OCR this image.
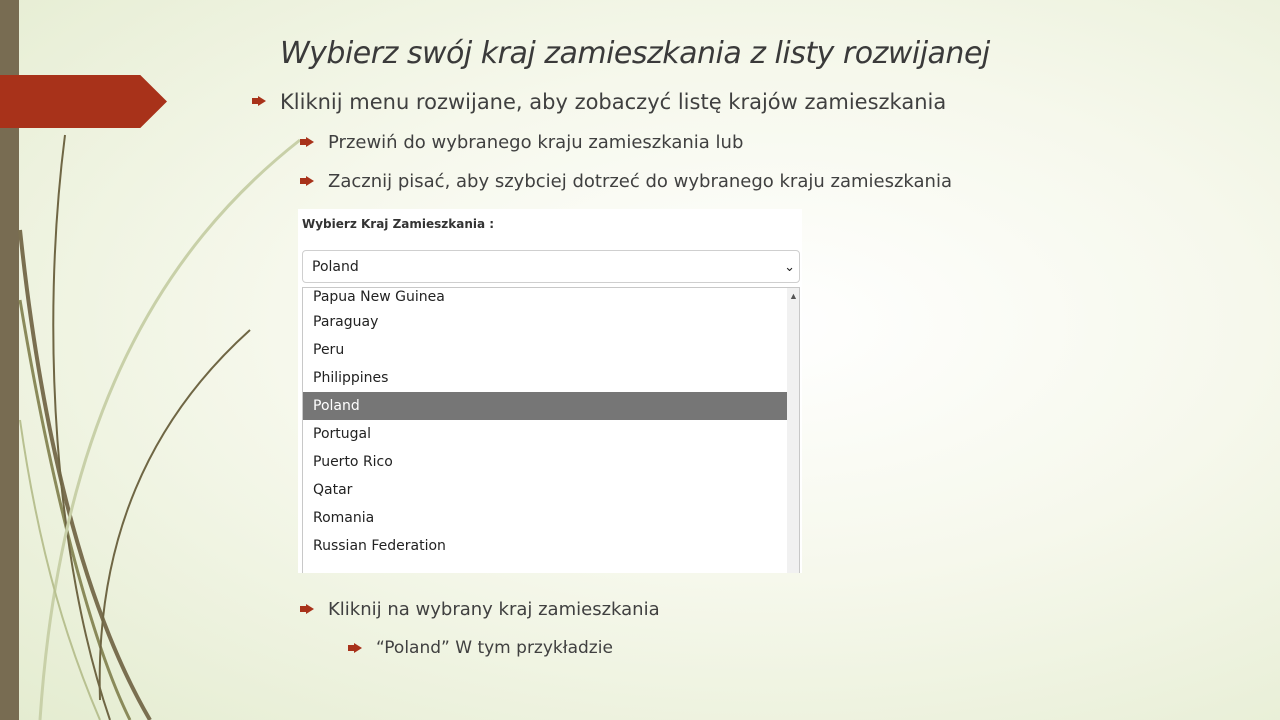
Wybierz swój kraj zamieszkania z listy rozwijanej
Kliknij menu rozwijane, aby zobaczyć listę krajów zamieszkania
Przewiń do wybranego kraju zamieszkania lub
Zacznij pisać, aby szybciej dotrzeć do wybranego kraju zamieszkania
Wybierz Kraj Zamieszkania :
Poland	⌄
Papua New Guinea
Paraguay
Peru
Philippines
Poland
Portugal
Puerto Rico
Qatar
Romania
Russian Federation
▲
Kliknij na wybrany kraj zamieszkania
“Poland” W tym przykładzie
